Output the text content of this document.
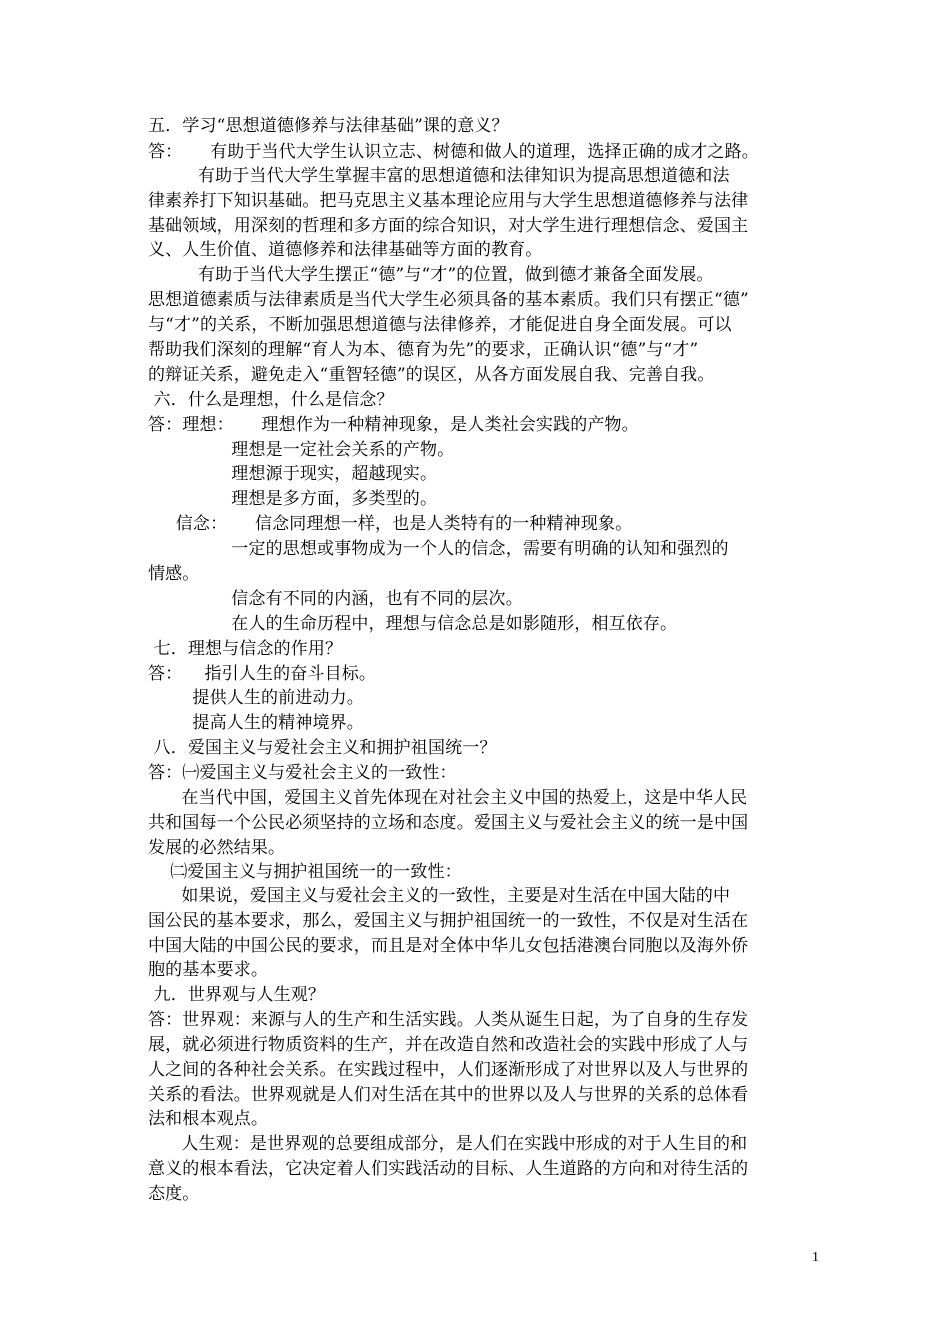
五．学习“思想道德修养与法律基础”课的意义？
答：     有助于当代大学生认识立志、树德和做人的道理，选择正确的成才之路。
有助于当代大学生掌握丰富的思想道德和法律知识为提高思想道德和法
律素养打下知识基础。把马克思主义基本理论应用与大学生思想道德修养与法律
基础领域，用深刻的哲理和多方面的综合知识，对大学生进行理想信念、爱国主
义、人生价值、道德修养和法律基础等方面的教育。
有助于当代大学生摆正“德”与“才”的位置，做到德才兼备全面发展。
思想道德素质与法律素质是当代大学生必须具备的基本素质。我们只有摆正“德”
与“才”的关系，不断加强思想道德与法律修养，才能促进自身全面发展。可以
帮助我们深刻的理解“育人为本、德育为先”的要求，正确认识“德”与“才”
的辩证关系，避免走入“重智轻德”的误区，从各方面发展自我、完善自我。
六．什么是理想，什么是信念？
答：理想：     理想作为一种精神现象，是人类社会实践的产物。
理想是一定社会关系的产物。
理想源于现实，超越现实。
理想是多方面，多类型的。
信念：     信念同理想一样，也是人类特有的一种精神现象。
一定的思想或事物成为一个人的信念，需要有明确的认知和强烈的
情感。
信念有不同的内涵，也有不同的层次。
在人的生命历程中，理想与信念总是如影随形，相互依存。
七．理想与信念的作用？
答：    指引人生的奋斗目标。
提供人生的前进动力。
提高人生的精神境界。
八．爱国主义与爱社会主义和拥护祖国统一？
答：㈠爱国主义与爱社会主义的一致性：
在当代中国，爱国主义首先体现在对社会主义中国的热爱上，这是中华人民
共和国每一个公民必须坚持的立场和态度。爱国主义与爱社会主义的统一是中国
发展的必然结果。
㈡爱国主义与拥护祖国统一的一致性：
如果说，爱国主义与爱社会主义的一致性，主要是对生活在中国大陆的中
国公民的基本要求，那么，爱国主义与拥护祖国统一的一致性，不仅是对生活在
中国大陆的中国公民的要求，而且是对全体中华儿女包括港澳台同胞以及海外侨
胞的基本要求。
九．世界观与人生观？
答：世界观：来源与人的生产和生活实践。人类从诞生日起，为了自身的生存发
展，就必须进行物质资料的生产，并在改造自然和改造社会的实践中形成了人与
人之间的各种社会关系。在实践过程中，人们逐渐形成了对世界以及人与世界的
关系的看法。世界观就是人们对生活在其中的世界以及人与世界的关系的总体看
法和根本观点。
人生观：是世界观的总要组成部分，是人们在实践中形成的对于人生目的和
意义的根本看法，它决定着人们实践活动的目标、人生道路的方向和对待生活的
态度。
1
